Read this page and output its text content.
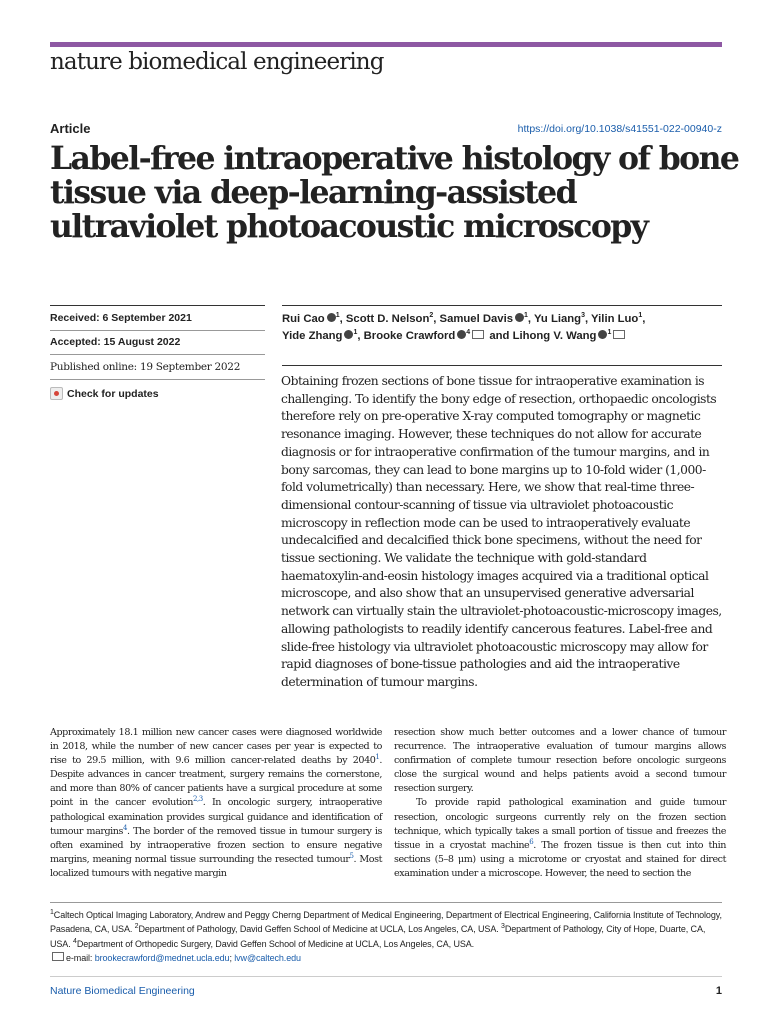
nature biomedical engineering
Article	https://doi.org/10.1038/s41551-022-00940-z
Label-free intraoperative histology of bone tissue via deep-learning-assisted ultraviolet photoacoustic microscopy
Received: 6 September 2021
Accepted: 15 August 2022
Published online: 19 September 2022
Check for updates
Rui Cao $^1$, Scott D. Nelson$^2$, Samuel Davis $^1$, Yu Liang$^3$, Yilin Luo$^1$,
Yide Zhang $^1$, Brooke Crawford $^4$ and Lihong V. Wang $^1$

Obtaining frozen sections of bone tissue for intraoperative examination is challenging. To identify the bony edge of resection, orthopaedic oncologists therefore rely on pre-operative X-ray computed tomography or magnetic resonance imaging. However, these techniques do not allow for accurate diagnosis or for intraoperative confirmation of the tumour margins, and in bony sarcomas, they can lead to bone margins up to 10-fold wider (1,000-fold volumetrically) than necessary. Here, we show that real-time three-dimensional contour-scanning of tissue via ultraviolet photoacoustic microscopy in reflection mode can be used to intraoperatively evaluate undecalcified and decalcified thick bone specimens, without the need for tissue sectioning. We validate the technique with gold-standard haematoxylin-and-eosin histology images acquired via a traditional optical microscope, and also show that an unsupervised generative adversarial network can virtually stain the ultraviolet-photoacoustic-microscopy images, allowing pathologists to readily identify cancerous features. Label-free and slide-free histology via ultraviolet photoacoustic microscopy may allow for rapid diagnoses of bone-tissue pathologies and aid the intraoperative determination of tumour margins.

Approximately 18.1 million new cancer cases were diagnosed worldwide in 2018, while the number of new cancer cases per year is expected to rise to 29.5 million, with 9.6 million cancer-related deaths by 2040$^1$. Despite advances in cancer treatment, surgery remains the cornerstone, and more than 80% of cancer patients have a surgical procedure at some point in the cancer evolution$^{2,3}$. In oncologic surgery, intraoperative pathological examination provides surgical guidance and identification of tumour margins$^4$. The border of the removed tissue in tumour surgery is often examined by intraoperative frozen section to ensure negative margins, meaning normal tissue surrounding the resected tumour$^5$. Most localized tumours with negative margin

resection show much better outcomes and a lower chance of tumour recurrence. The intraoperative evaluation of tumour margins allows confirmation of complete tumour resection before oncologic surgeons close the surgical wound and helps patients avoid a second tumour resection surgery.
To provide rapid pathological examination and guide tumour resection, oncologic surgeons currently rely on the frozen section technique, which typically takes a small portion of tissue and freezes the tissue in a cryostat machine$^6$. The frozen tissue is then cut into thin sections (5–8 μm) using a microtome or cryostat and stained for direct examination under a microscope. However, the need to section the

$^1$Caltech Optical Imaging Laboratory, Andrew and Peggy Cherng Department of Medical Engineering, Department of Electrical Engineering, California Institute of Technology, Pasadena, CA, USA. $^2$Department of Pathology, David Geffen School of Medicine at UCLA, Los Angeles, CA, USA. $^3$Department of Pathology, City of Hope, Duarte, CA, USA. $^4$Department of Orthopedic Surgery, David Geffen School of Medicine at UCLA, Los Angeles, CA, USA.
e-mail: brookecrawford@mednet.ucla.edu; lvw@caltech.edu

Nature Biomedical Engineering	1
